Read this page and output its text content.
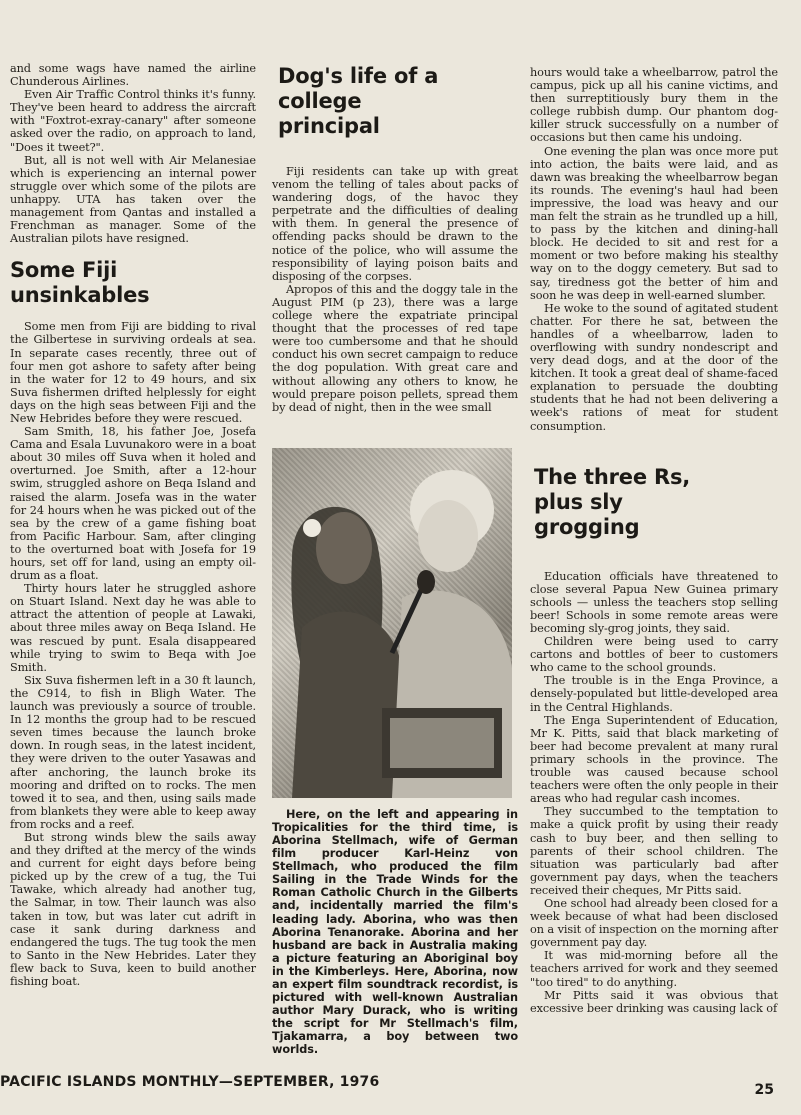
and some wags have named the airline Chunderous Airlines.

Even Air Traffic Control thinks it's funny. They've been heard to address the aircraft with "Foxtrot-exray-canary" after someone asked over the radio, on approach to land, "Does it tweet?".

But, all is not well with Air Melanesiae which is experiencing an internal power struggle over which some of the pilots are unhappy. UTA has taken over the management from Qantas and installed a Frenchman as manager. Some of the Australian pilots have resigned.

Some Fiji unsinkables

Some men from Fiji are bidding to rival the Gilbertese in surviving ordeals at sea. In separate cases recently, three out of four men got ashore to safety after being in the water for 12 to 49 hours, and six Suva fishermen drifted helplessly for eight days on the high seas between Fiji and the New Hebrides before they were rescued.

Sam Smith, 18, his father Joe, Josefa Cama and Esala Luvunakoro were in a boat about 30 miles off Suva when it holed and overturned. Joe Smith, after a 12-hour swim, struggled ashore on Beqa Island and raised the alarm. Josefa was in the water for 24 hours when he was picked out of the sea by the crew of a game fishing boat from Pacific Harbour. Sam, after clinging to the overturned boat with Josefa for 19 hours, set off for land, using an empty oil-drum as a float.

Thirty hours later he struggled ashore on Stuart Island. Next day he was able to attract the attention of people at Lawaki, about three miles away on Beqa Island. He was rescued by punt. Esala disappeared while trying to swim to Beqa with Joe Smith.

Six Suva fishermen left in a 30 ft launch, the C914, to fish in Bligh Water. The launch was previously a source of trouble. In 12 months the group had to be rescued seven times because the launch broke down. In rough seas, in the latest incident, they were driven to the outer Yasawas and after anchoring, the launch broke its mooring and drifted on to rocks. The men towed it to sea, and then, using sails made from blankets they were able to keep away from rocks and a reef.

But strong winds blew the sails away and they drifted at the mercy of the winds and current for eight days before being picked up by the crew of a tug, the Tui Tawake, which already had another tug, the Salmar, in tow. Their launch was also taken in tow, but was later cut adrift in case it sank during darkness and endangered the tugs. The tug took the men to Santo in the New Hebrides. Later they flew back to Suva, keen to build another fishing boat.

Dog's life of a college principal

Fiji residents can take up with great venom the telling of tales about packs of wandering dogs, of the havoc they perpetrate and the difficulties of dealing with them. In general the presence of offending packs should be drawn to the notice of the police, who will assume the responsibility of laying poison baits and disposing of the corpses.

Apropos of this and the doggy tale in the August PIM (p 23), there was a large college where the expatriate principal thought that the processes of red tape were too cumbersome and that he should conduct his own secret campaign to reduce the dog population. With great care and without allowing any others to know, he would prepare poison pellets, spread them by dead of night, then in the wee small

Here, on the left and appearing in Tropicalities for the third time, is Aborina Stellmach, wife of German film producer Karl-Heinz von Stellmach, who produced the film Sailing in the Trade Winds for the Roman Catholic Church in the Gilberts and, incidentally married the film's leading lady. Aborina, who was then Aborina Tenanorake. Aborina and her husband are back in Australia making a picture featuring an Aboriginal boy in the Kimberleys. Here, Aborina, now an expert film soundtrack recordist, is pictured with well-known Australian author Mary Durack, who is writing the script for Mr Stellmach's film, Tjakamarra, a boy between two worlds.

hours would take a wheelbarrow, patrol the campus, pick up all his canine victims, and then surreptitiously bury them in the college rubbish dump. Our phantom dog-killer struck successfully on a number of occasions but then came his undoing.

One evening the plan was once more put into action, the baits were laid, and as dawn was breaking the wheelbarrow began its rounds. The evening's haul had been impressive, the load was heavy and our man felt the strain as he trundled up a hill, to pass by the kitchen and dining-hall block. He decided to sit and rest for a moment or two before making his stealthy way on to the doggy cemetery. But sad to say, tiredness got the better of him and soon he was deep in well-earned slumber.

He woke to the sound of agitated student chatter. For there he sat, between the handles of a wheelbarrow, laden to overflowing with sundry nondescript and very dead dogs, and at the door of the kitchen. It took a great deal of shame-faced explanation to persuade the doubting students that he had not been delivering a week's rations of meat for student consumption.

The three Rs, plus sly grogging

Education officials have threatened to close several Papua New Guinea primary schools — unless the teachers stop selling beer! Schools in some remote areas were becoming sly-grog joints, they said.

Children were being used to carry cartons and bottles of beer to customers who came to the school grounds.

The trouble is in the Enga Province, a densely-populated but little-developed area in the Central Highlands.

The Enga Superintendent of Education, Mr K. Pitts, said that black marketing of beer had become prevalent at many rural primary schools in the province. The trouble was caused because school teachers were often the only people in their areas who had regular cash incomes.

They succumbed to the temptation to make a quick profit by using their ready cash to buy beer, and then selling to parents of their school children. The situation was particularly bad after government pay days, when the teachers received their cheques, Mr Pitts said.

One school had already been closed for a week because of what had been disclosed on a visit of inspection on the morning after government pay day.

It was mid-morning before all the teachers arrived for work and they seemed "too tired" to do anything.

Mr Pitts said it was obvious that excessive beer drinking was causing lack of

PACIFIC ISLANDS MONTHLY—SEPTEMBER, 1976	25
